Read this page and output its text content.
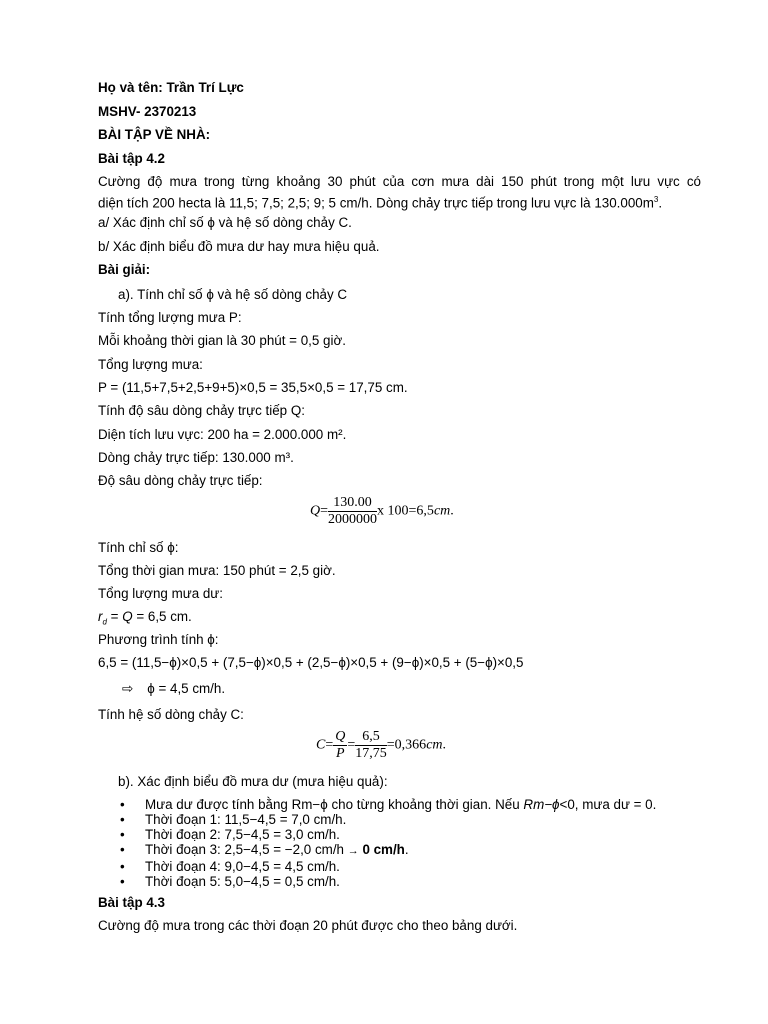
Họ và tên: Trần Trí Lực
MSHV- 2370213
BÀI TẬP VỀ NHÀ:
Bài tập 4.2
Cường độ mưa trong từng khoảng 30 phút của cơn mưa dài 150 phút trong một lưu vực có
diện tích 200 hecta là 11,5; 7,5; 2,5; 9; 5 cm/h. Dòng chảy trực tiếp trong lưu vực là $130.000m^3$.
a/ Xác định chỉ số ϕ và hệ số dòng chảy C.
b/ Xác định biểu đồ mưa dư hay mưa hiệu quả.
Bài giải:
a). Tính chỉ số ϕ và hệ số dòng chảy C
Tính tổng lượng mưa P:
Mỗi khoảng thời gian là 30 phút = 0,5 giờ.
Tổng lượng mưa:
P = (11,5+7,5+2,5+9+5)×0,5 = 35,5×0,5 = 17,75 cm.
Tính độ sâu dòng chảy trực tiếp Q:
Diện tích lưu vực: 200 ha = 2.000.000 m².
Dòng chảy trực tiếp: 130.000 m³.
Độ sâu dòng chảy trực tiếp:
$Q= \frac{130.00}{2000000}$ x 100=6,5cm.
Tính chỉ số ϕ:
Tổng thời gian mưa: 150 phút = 2,5 giờ.
Tổng lượng mưa dư:
$r_d = Q = 6,5$ cm.
Phương trình tính ϕ:
6,5 = (11,5−ϕ)×0,5 + (7,5−ϕ)×0,5 + (2,5−ϕ)×0,5 + (9−ϕ)×0,5 + (5−ϕ)×0,5
⇨ ϕ = 4,5 cm/h.
Tính hệ số dòng chảy C:
$C= \frac{Q}{P} = \frac{6,5}{17,75} =0,366cm$.
b). Xác định biểu đồ mưa dư (mưa hiệu quả):
• Mưa dư được tính bằng Rm−ϕ cho từng khoảng thời gian. Nếu Rm−ϕ<0, mưa dư = 0.
• Thời đoạn 1: 11,5−4,5 = 7,0 cm/h.
• Thời đoạn 2: 7,5−4,5 = 3,0 cm/h.
• Thời đoạn 3: 2,5−4,5 = −2,0 cm/h → 0 cm/h.
• Thời đoạn 4: 9,0−4,5 = 4,5 cm/h.
• Thời đoạn 5: 5,0−4,5 = 0,5 cm/h.
Bài tập 4.3
Cường độ mưa trong các thời đoạn 20 phút được cho theo bảng dưới.
